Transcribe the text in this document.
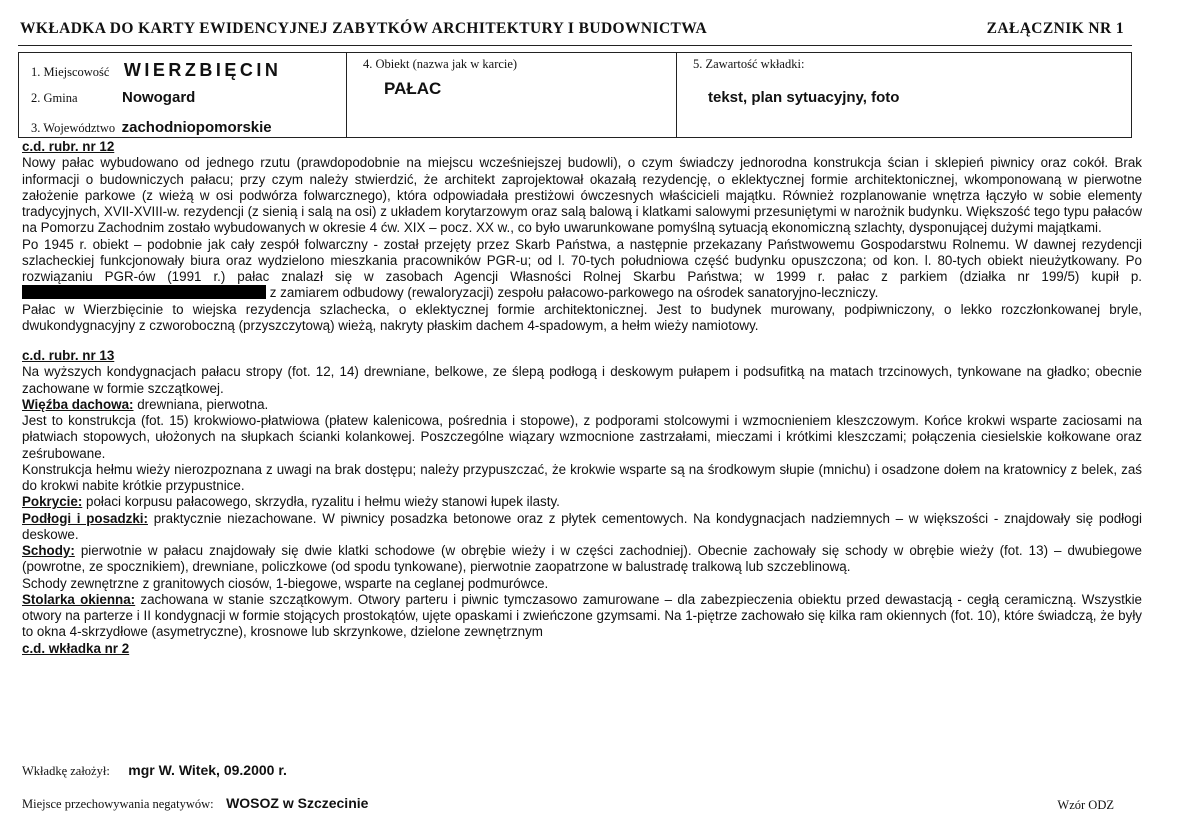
WKŁADKA DO KARTY EWIDENCYJNEJ ZABYTKÓW ARCHITEKTURY I BUDOWNICTWA	ZAŁĄCZNIK NR 1
1. Miejscowość WIERZBIĘCIN
2. Gmina	Nowogard
3. Województwo zachodniopomorskie
4. Obiekt (nazwa jak w karcie)
PAŁAC
5. Zawartość wkładki:
tekst, plan sytuacyjny, foto
c.d. rubr. nr 12

Nowy pałac wybudowano od jednego rzutu (prawdopodobnie na miejscu wcześniejszej budowli), o czym świadczy jednorodna konstrukcja ścian i sklepień piwnicy oraz cokół. Brak informacji o budowniczych pałacu; przy czym należy stwierdzić, że architekt zaprojektował okazałą rezydencję, o eklektycznej formie architektonicznej, wkomponowaną w pierwotne założenie parkowe (z wieżą w osi podwórza folwarcznego), która odpowiadała prestiżowi ówczesnych właścicieli majątku. Również rozplanowanie wnętrza łączyło w sobie elementy tradycyjnych, XVII-XVIII-w. rezydencji (z sienią i salą na osi) z układem korytarzowym oraz salą balową i klatkami salowymi przesuniętymi w narożnik budynku. Większość tego typu pałaców na Pomorzu Zachodnim zostało wybudowanych w okresie 4 ćw. XIX – pocz. XX w., co było uwarunkowane pomyślną sytuacją ekonomiczną szlachty, dysponującej dużymi majątkami.

Po 1945 r. obiekt – podobnie jak cały zespół folwarczny - został przejęty przez Skarb Państwa, a następnie przekazany Państwowemu Gospodarstwu Rolnemu. W dawnej rezydencji szlacheckiej funkcjonowały biura oraz wydzielono mieszkania pracowników PGR-u; od l. 70-tych południowa część budynku opuszczona; od kon. l. 80-tych obiekt nieużytkowany. Po rozwiązaniu PGR-ów (1991 r.) pałac znalazł się w zasobach Agencji Własności Rolnej Skarbu Państwa; w 1999 r. pałac z parkiem (działka nr 199/5) kupił p.  z zamiarem odbudowy (rewaloryzacji) zespołu pałacowo-parkowego na ośrodek sanatoryjno-leczniczy.

Pałac w Wierzbięcinie to wiejska rezydencja szlachecka, o eklektycznej formie architektonicznej. Jest to budynek murowany, podpiwniczony, o lekko rozczłonkowanej bryle, dwukondygnacyjny z czworoboczną (przyszczytową) wieżą, nakryty płaskim dachem 4-spadowym, a hełm wieży namiotowy.

c.d. rubr. nr 13

Na wyższych kondygnacjach pałacu stropy (fot. 12, 14) drewniane, belkowe, ze ślepą podłogą i deskowym pułapem i podsufitką na matach trzcinowych, tynkowane na gładko; obecnie zachowane w formie szczątkowej.

Więźba dachowa: drewniana, pierwotna.

Jest to konstrukcja (fot. 15) krokwiowo-płatwiowa (płatew kalenicowa, pośrednia i stopowe), z podporami stolcowymi i wzmocnieniem kleszczowym. Końce krokwi wsparte zaciosami na płatwiach stopowych, ułożonych na słupkach ścianki kolankowej. Poszczególne wiązary wzmocnione zastrzałami, mieczami i krótkimi kleszczami; połączenia ciesielskie kołkowane oraz ześrubowane.

Konstrukcja hełmu wieży nierozpoznana z uwagi na brak dostępu; należy przypuszczać, że krokwie wsparte są na środkowym słupie (mnichu) i osadzone dołem na kratownicy z belek, zaś do krokwi nabite krótkie przypustnice.

Pokrycie: połaci korpusu pałacowego, skrzydła, ryzalitu i hełmu wieży stanowi łupek ilasty.

Podłogi i posadzki: praktycznie niezachowane. W piwnicy posadzka betonowe oraz z płytek cementowych. Na kondygnacjach nadziemnych – w większości - znajdowały się podłogi deskowe.

Schody: pierwotnie w pałacu znajdowały się dwie klatki schodowe (w obrębie wieży i w części zachodniej). Obecnie zachowały się schody w obrębie wieży (fot. 13) – dwubiegowe (powrotne, ze spocznikiem), drewniane, policzkowe (od spodu tynkowane), pierwotnie zaopatrzone w balustradę tralkową lub szczeblinową.

Schody zewnętrzne z granitowych ciosów, 1-biegowe, wsparte na ceglanej podmurówce.

Stolarka okienna: zachowana w stanie szczątkowym. Otwory parteru i piwnic tymczasowo zamurowane – dla zabezpieczenia obiektu przed dewastacją - cegłą ceramiczną. Wszystkie otwory na parterze i II kondygnacji w formie stojących prostokątów, ujęte opaskami i zwieńczone gzymsami. Na 1-piętrze zachowało się kilka ram okiennych (fot. 10), które świadczą, że były to okna 4-skrzydłowe (asymetryczne), krosnowe lub skrzynkowe, dzielone zewnętrznym

c.d. wkładka nr 2
Wkładkę założył: mgr W. Witek, 09.2000 r.
Miejsce przechowywania negatywów: WOSOZ w Szczecinie	Wzór ODZ
